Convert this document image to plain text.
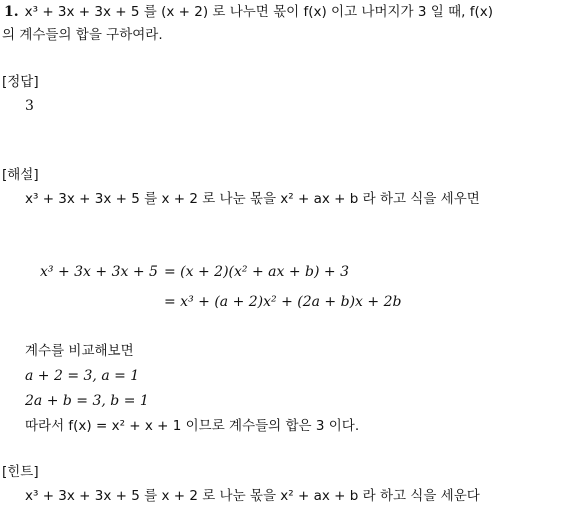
1. x³ + 3x + 3x + 5 를 (x + 2) 로 나누면 몫이 f(x) 이고 나머지가 3 일 때, f(x)
의 계수들의 합을 구하여라.
[정답]
3
[해설]
x³ + 3x + 3x + 5 를 x + 2 로 나눈 몫을 x² + ax + b 라 하고 식을 세우면
x³ + 3x + 3x + 5 = (x + 2)(x² + ax + b) + 3
= x³ + (a + 2)x² + (2a + b)x + 2b
계수를 비교해보면
a + 2 = 3, a = 1
2a + b = 3, b = 1
따라서 f(x) = x² + x + 1 이므로 계수들의 합은 3 이다.
[힌트]
x³ + 3x + 3x + 5 를 x + 2 로 나눈 몫을 x² + ax + b 라 하고 식을 세운다
